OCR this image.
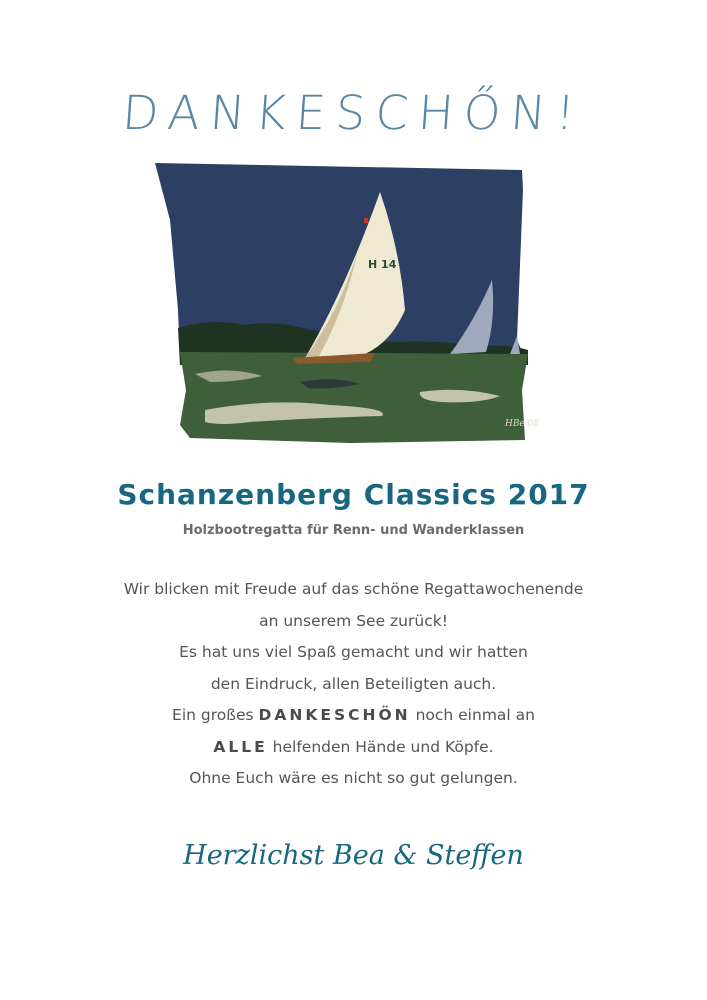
DANKESCHŐN!
H 14
HBe 08
Schanzenberg Classics 2017
Holzbootregatta für Renn- und Wanderklassen
Wir blicken mit Freude auf das schöne Regattawochenende
an unserem See zurück!
Es hat uns viel Spaß gemacht und wir hatten
den Eindruck, allen Beteiligten auch.
Ein großes DANKESCHÖN noch einmal an
ALLE helfenden Hände und Köpfe.
Ohne Euch wäre es nicht so gut gelungen.
Herzlichst Bea & Steffen
